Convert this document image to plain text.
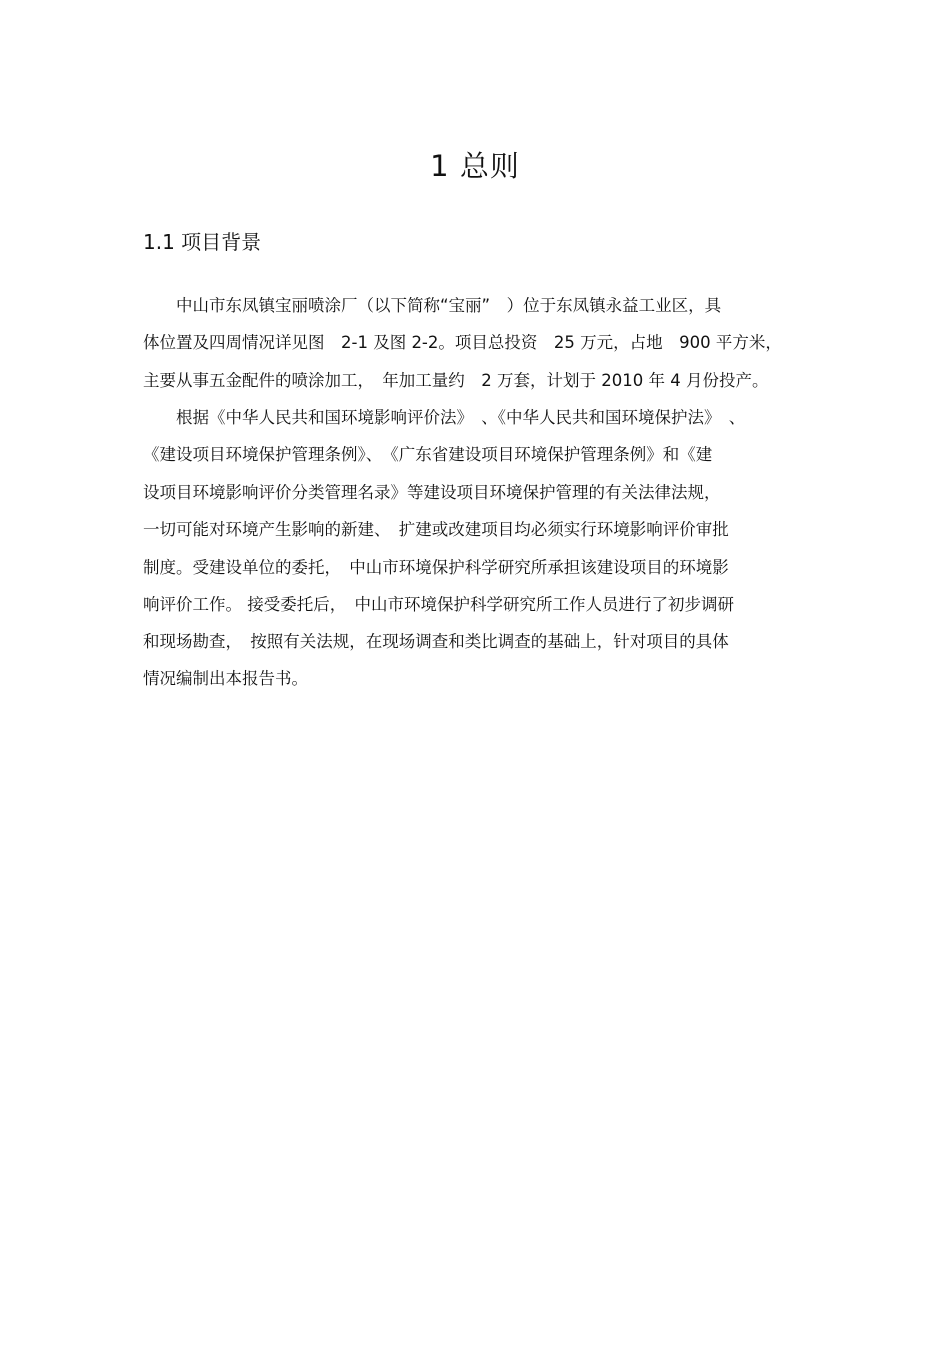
1 总则
1.1 项目背景
　　中山市东凤镇宝丽喷涂厂（以下简称“宝丽”　）位于东凤镇永益工业区，具
体位置及四周情况详见图　2-1 及图 2-2。项目总投资　25 万元，占地　900 平方米，
主要从事五金配件的喷涂加工，　年加工量约　2 万套，计划于 2010 年 4 月份投产。
　　根据《中华人民共和国环境影响评价法》　、《中华人民共和国环境保护法》　、
《建设项目环境保护管理条例》、　《广东省建设项目环境保护管理条例》和《建
设项目环境影响评价分类管理名录》等建设项目环境保护管理的有关法律法规，
一切可能对环境产生影响的新建、　扩建或改建项目均必须实行环境影响评价审批
制度。受建设单位的委托，　中山市环境保护科学研究所承担该建设项目的环境影
响评价工作。 接受委托后，　中山市环境保护科学研究所工作人员进行了初步调研
和现场勘查，　按照有关法规，在现场调查和类比调查的基础上，针对项目的具体
情况编制出本报告书。
